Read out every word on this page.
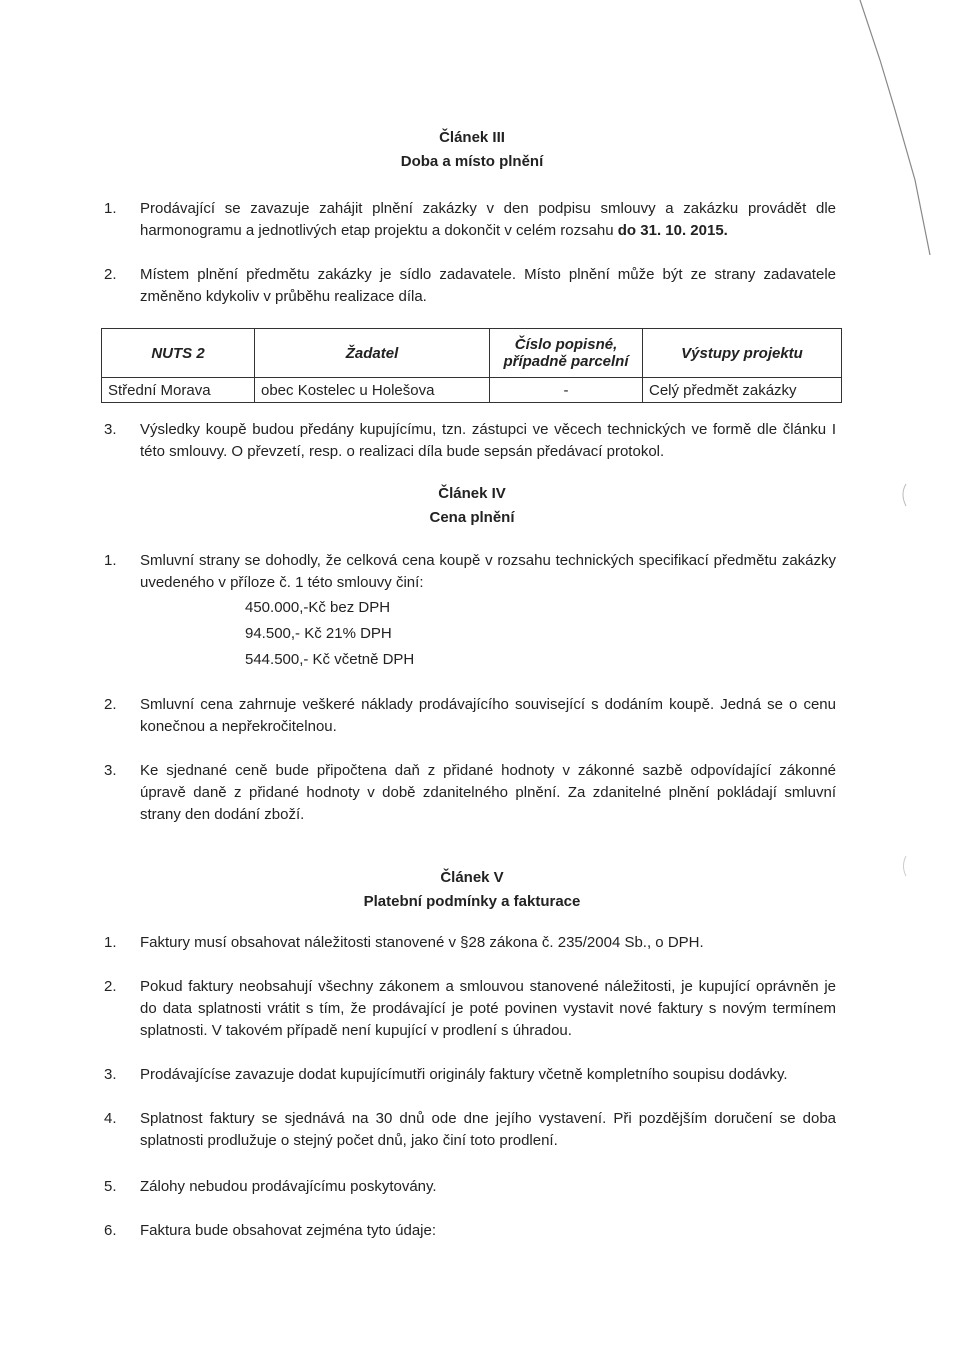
Článek III
Doba a místo plnění
1.	Prodávající se zavazuje zahájit plnění zakázky v den podpisu smlouvy a zakázku provádět dle harmonogramu a jednotlivých etap projektu a dokončit v celém rozsahu do 31. 10. 2015.
2.	Místem plnění předmětu zakázky je sídlo zadavatele. Místo plnění může být ze strany zadavatele změněno kdykoliv v průběhu realizace díla.
NUTS 2	Žadatel	Číslo popisné, případně parcelní	Výstupy projektu
Střední Morava	obec Kostelec u Holešova	-	Celý předmět zakázky
3.	Výsledky koupě budou předány kupujícímu, tzn. zástupci ve věcech technických ve formě dle článku I této smlouvy. O převzetí, resp. o realizaci díla bude sepsán předávací protokol.
Článek IV
Cena plnění
1.	Smluvní strany se dohodly, že celková cena koupě v rozsahu technických specifikací předmětu zakázky uvedeného v příloze č. 1 této smlouvy činí:
450.000,-Kč bez DPH
94.500,- Kč 21% DPH
544.500,- Kč včetně DPH
2.	Smluvní cena zahrnuje veškeré náklady prodávajícího související s dodáním koupě. Jedná se o cenu konečnou a nepřekročitelnou.
3.	Ke sjednané ceně bude připočtena daň z přidané hodnoty v zákonné sazbě odpovídající zákonné úpravě daně z přidané hodnoty v době zdanitelného plnění. Za zdanitelné plnění pokládají smluvní strany den dodání zboží.
Článek V
Platební podmínky a fakturace
1.	Faktury musí obsahovat náležitosti stanovené v §28 zákona č. 235/2004 Sb., o DPH.
2.	Pokud faktury neobsahují všechny zákonem a smlouvou stanovené náležitosti, je kupující oprávněn je do data splatnosti vrátit s tím, že prodávající je poté povinen vystavit nové faktury s novým termínem splatnosti. V takovém případě není kupující v prodlení s úhradou.
3.	Prodávajícíse zavazuje dodat kupujícímutři originály faktury včetně kompletního soupisu dodávky.
4.	Splatnost faktury se sjednává na 30 dnů ode dne jejího vystavení. Při pozdějším doručení se doba splatnosti prodlužuje o stejný počet dnů, jako činí toto prodlení.
5.	Zálohy nebudou prodávajícímu poskytovány.
6.	Faktura bude obsahovat zejména tyto údaje:
